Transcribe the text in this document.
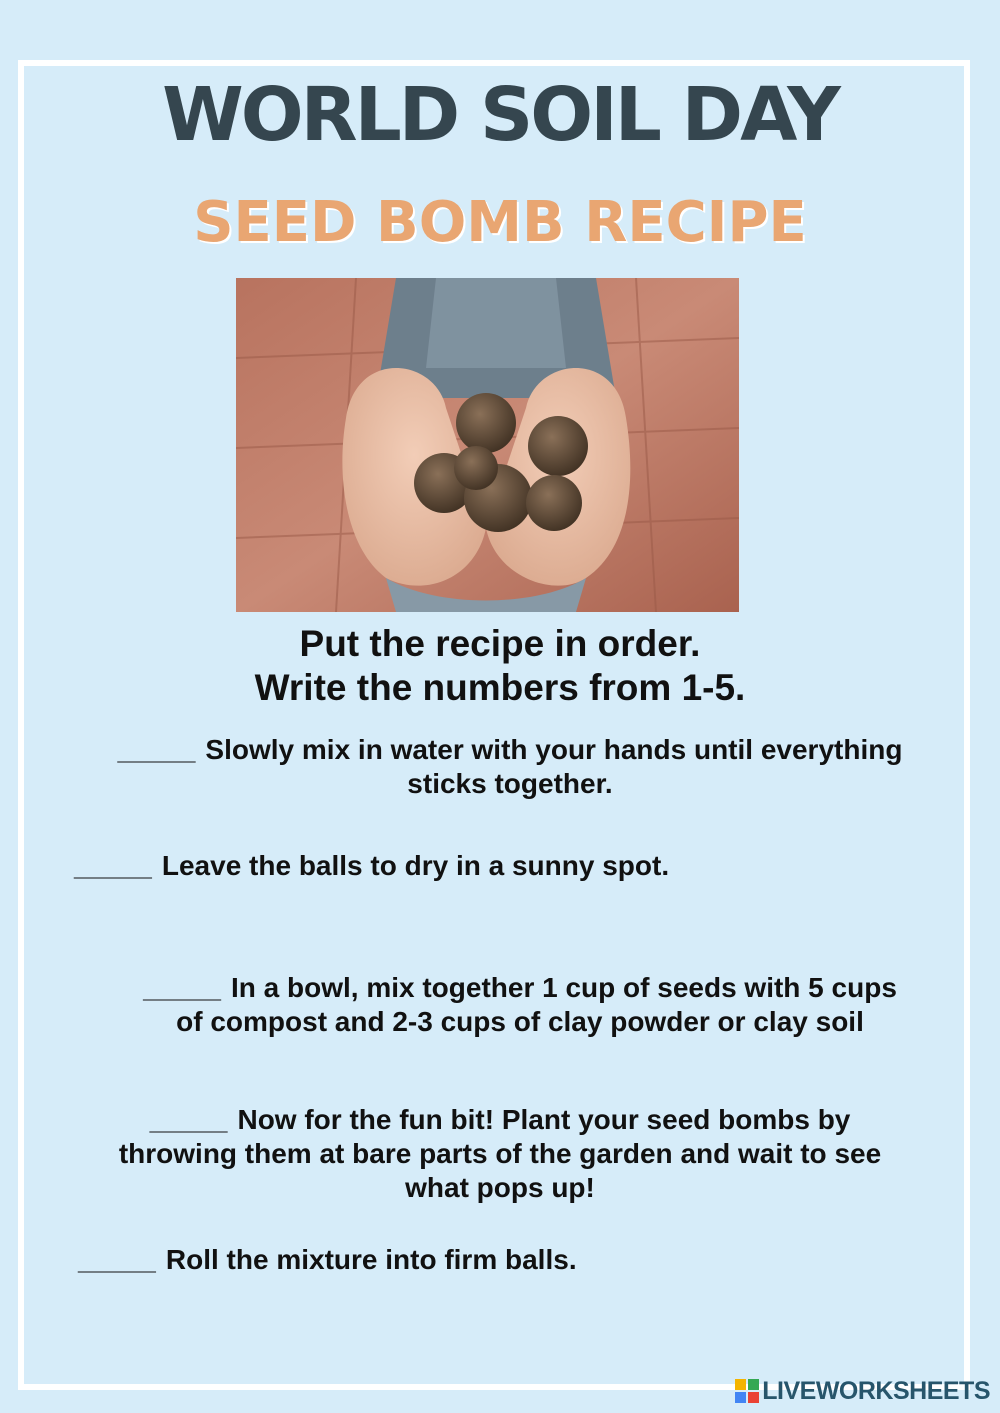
WORLD SOIL DAY
SEED BOMB RECIPE
Put the recipe in order.
Write the numbers from 1-5.
_____ Slowly mix in water with your hands until everything
sticks together.
_____ Leave the balls to dry in a sunny spot.
_____ In a bowl, mix together 1 cup of seeds with 5 cups
of compost and 2-3 cups of clay powder or clay soil
_____ Now for the fun bit! Plant your seed bombs by
throwing them at bare parts of the garden and wait to see
what pops up!
_____ Roll the mixture into firm balls.
LIVEWORKSHEETS
